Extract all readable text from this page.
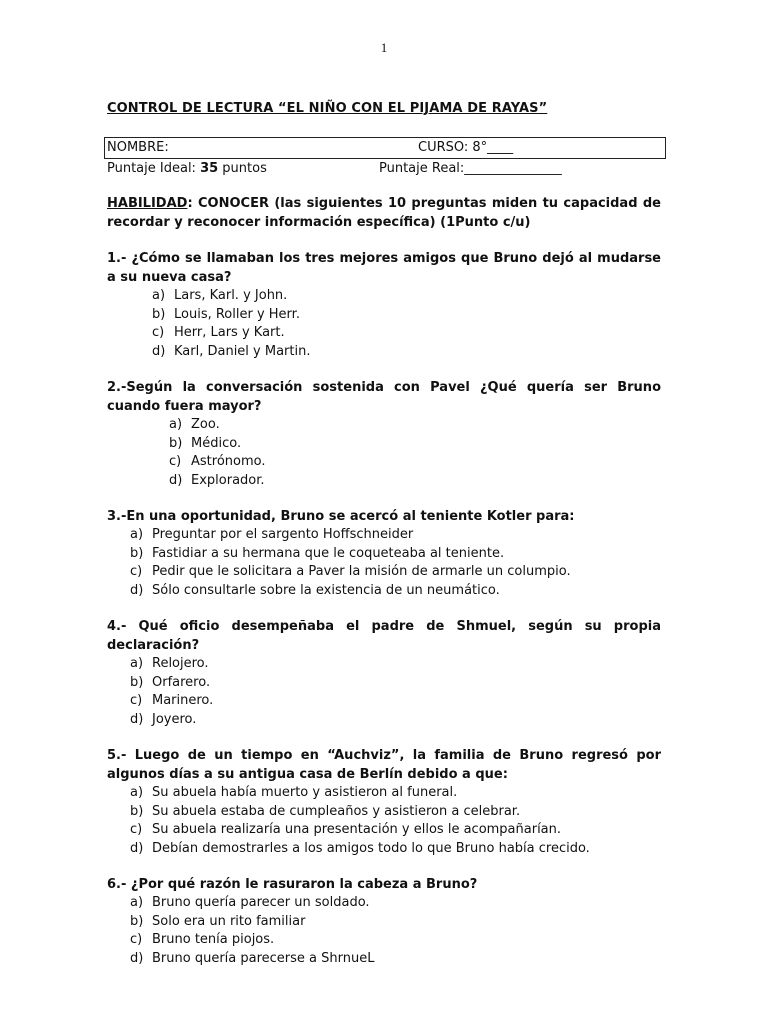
1
CONTROL DE LECTURA “EL NIÑO CON EL PIJAMA DE RAYAS”
NOMBRE:	CURSO: 8°____
Puntaje Ideal: 35 puntos	Puntaje Real:_______________
HABILIDAD: CONOCER (las siguientes 10 preguntas miden tu capacidad de recordar y reconocer información específica) (1Punto c/u)
1.- ¿Cómo se llamaban los tres mejores amigos que Bruno dejó al mudarse a su nueva casa?
a) Lars, Karl. y John.
b) Louis, Roller y Herr.
c) Herr, Lars y Kart.
d) Karl, Daniel y Martin.
2.-Según la conversación sostenida con Pavel ¿Qué quería ser Bruno cuando fuera mayor?
a) Zoo.
b) Médico.
c) Astrónomo.
d) Explorador.
3.-En una oportunidad, Bruno se acercó al teniente Kotler para:
a) Preguntar por el sargento Hoffschneider
b) Fastidiar a su hermana que le coqueteaba al teniente.
c) Pedir que le solicitara a Paver la misión de armarle un columpio.
d) Sólo consultarle sobre la existencia de un neumático.
4.- Qué oficio desempeñaba el padre de Shmuel, según su propia declaración?
a) Relojero.
b) Orfarero.
c) Marinero.
d) Joyero.
5.- Luego de un tiempo en “Auchviz”, la familia de Bruno regresó por algunos días a su antigua casa de Berlín debido a que:
a) Su abuela había muerto y asistieron al funeral.
b) Su abuela estaba de cumpleaños y asistieron a celebrar.
c) Su abuela realizaría una presentación y ellos le acompañarían.
d) Debían demostrarles a los amigos todo lo que Bruno había crecido.
6.- ¿Por qué razón le rasuraron la cabeza a Bruno?
a) Bruno quería parecer un soldado.
b) Solo era un rito familiar
c) Bruno tenía piojos.
d) Bruno quería parecerse a ShrnueL
